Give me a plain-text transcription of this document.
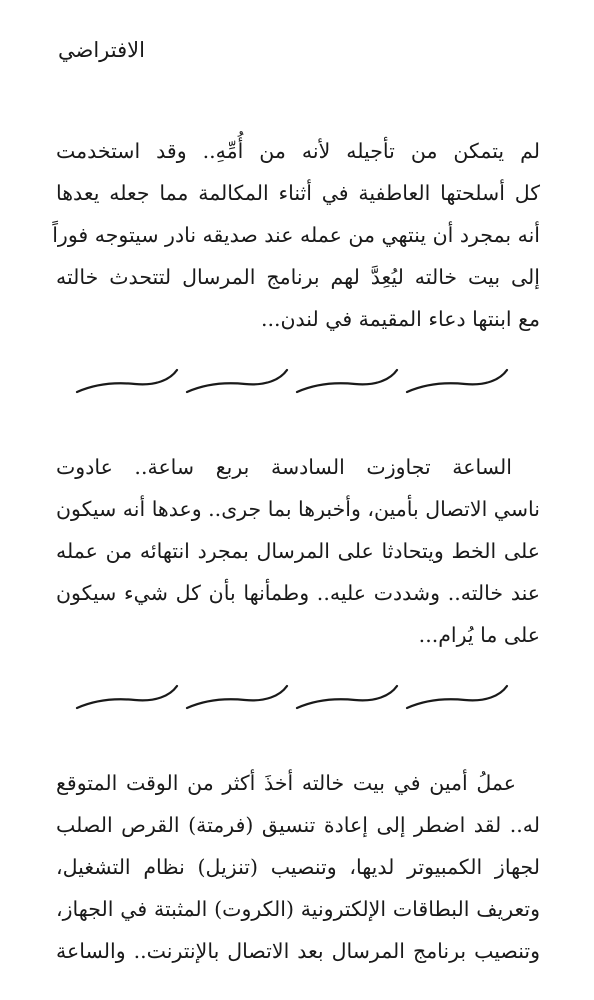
الافتراضي
لم يتمكن من تأجيله لأنه من أُمِّهِ.. وقد استخدمت
كل أسلحتها العاطفية في أثناء المكالمة مما جعله يعدها
أنه بمجرد أن ينتهي من عمله عند صديقه نادر سيتوجه فوراً
إلى بيت خالته ليُعِدَّ لهم برنامج المرسال لتتحدث خالته
مع ابنتها دعاء المقيمة في لندن...
الساعة تجاوزت السادسة بربع ساعة.. عادوت
ناسي الاتصال بأمين، وأخبرها بما جرى.. وعدها أنه سيكون
على الخط ويتحادثا على المرسال بمجرد انتهائه من عمله
عند خالته.. وشددت عليه.. وطمأنها بأن كل شيء سيكون
على ما يُرام...
عملُ أمين في بيت خالته أخذَ أكثر من الوقت المتوقع
له.. لقد اضطر إلى إعادة تنسيق (فرمتة) القرص الصلب
لجهاز الكمبيوتر لديها، وتنصيب (تنزيل) نظام التشغيل،
وتعريف البطاقات الإلكترونية (الكروت) المثبتة في الجهاز،
وتنصيب برنامج المرسال بعد الاتصال بالإنترنت.. والساعة
